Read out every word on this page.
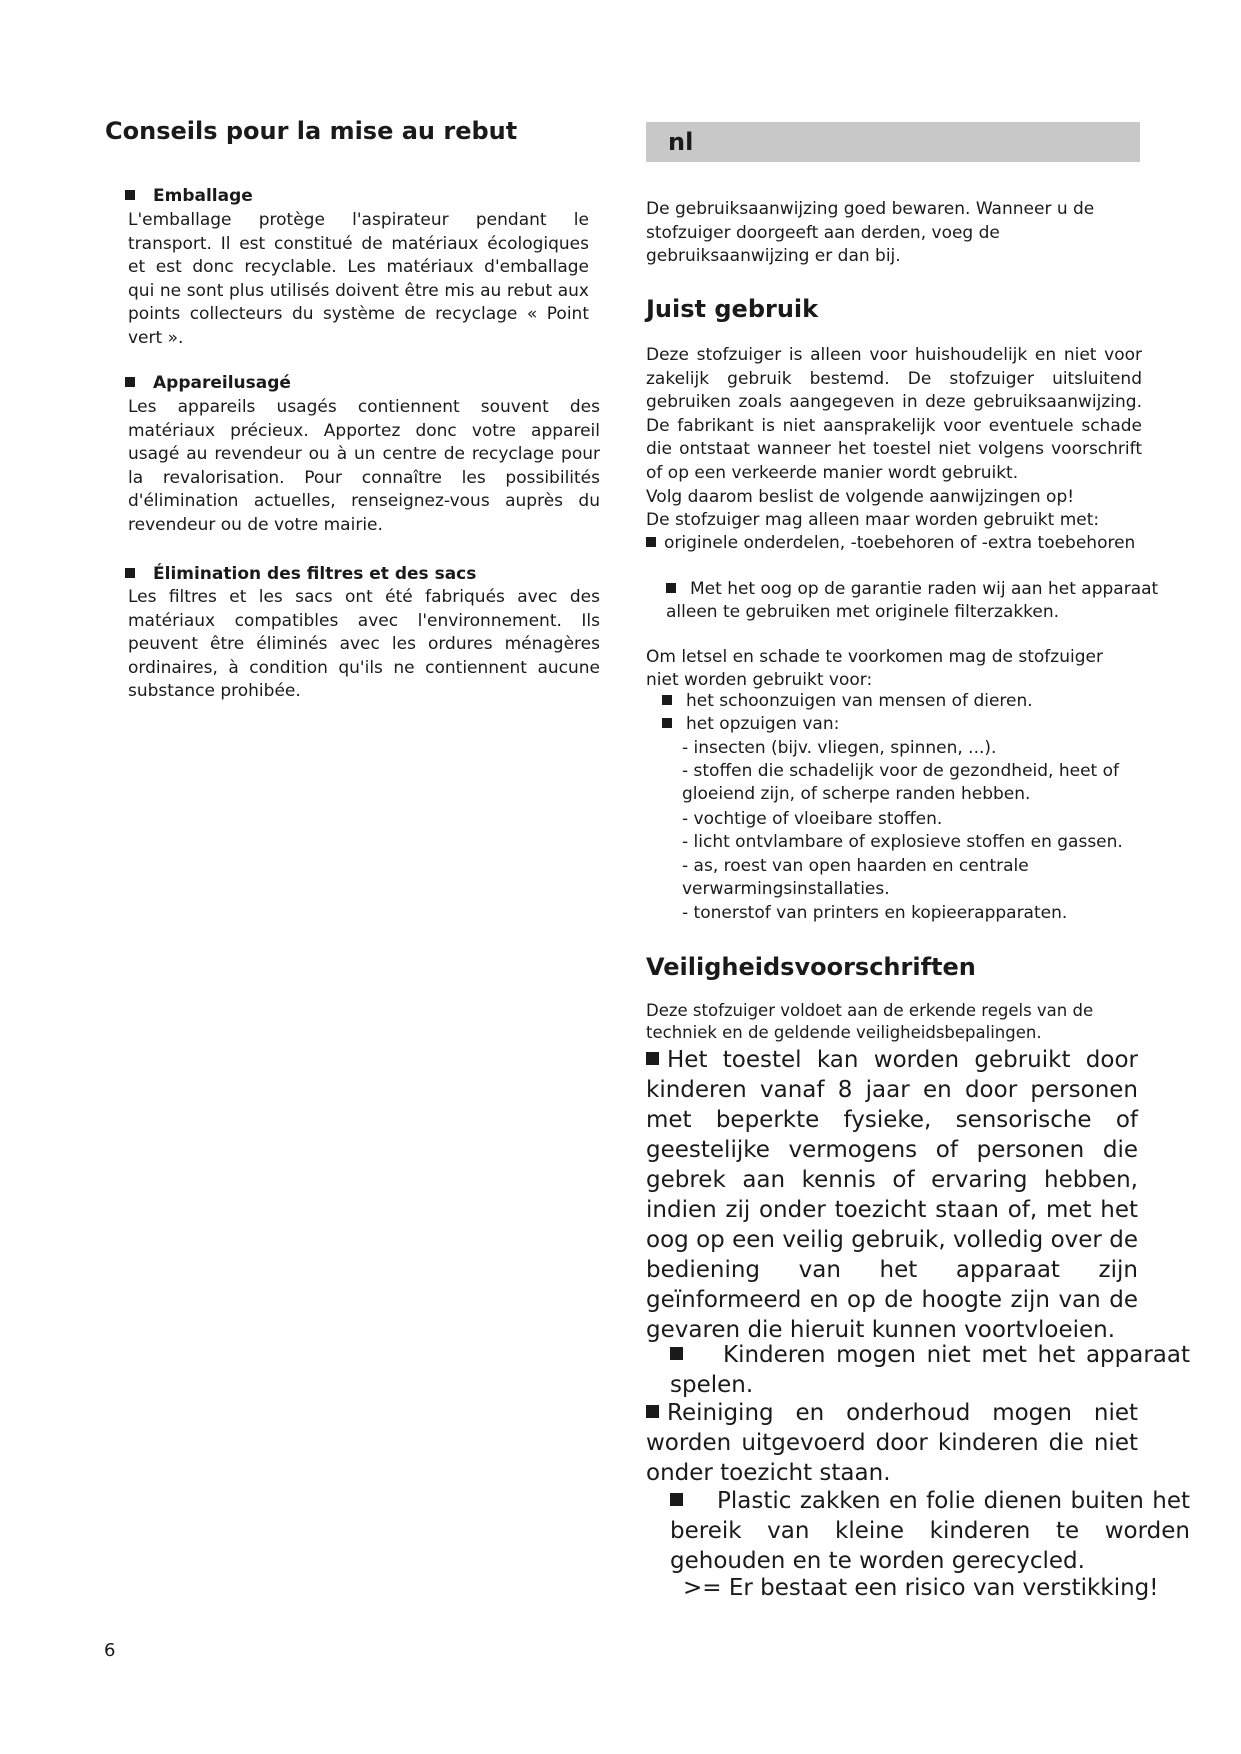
Conseils pour la mise au rebut
Emballage
L'emballage protège l'aspirateur pendant le transport. Il est constitué de matériaux écologiques et est donc recyclable. Les matériaux d'emballage qui ne sont plus utilisés doivent être mis au rebut aux points collecteurs du système de recyclage « Point vert ».
Appareilusagé
Les appareils usagés contiennent souvent des matériaux précieux. Apportez donc votre appareil usagé au revendeur ou à un centre de recyclage pour la revalorisation. Pour connaître les possibilités d'élimination actuelles, renseignez-vous auprès du revendeur ou de votre mairie.
Élimination des filtres et des sacs
Les filtres et les sacs ont été fabriqués avec des matériaux compatibles avec l'environnement. Ils peuvent être éliminés avec les ordures ménagères ordinaires, à condition qu'ils ne contiennent aucune substance prohibée.
nl
De gebruiksaanwijzing goed bewaren. Wanneer u de stofzuiger doorgeeft aan derden, voeg de gebruiksaanwijzing er dan bij.
Juist gebruik
Deze stofzuiger is alleen voor huishoudelijk en niet voor zakelijk gebruik bestemd. De stofzuiger uitsluitend gebruiken zoals aangegeven in deze gebruiksaanwijzing. De fabrikant is niet aansprakelijk voor eventuele schade die ontstaat wanneer het toestel niet volgens voorschrift of op een verkeerde manier wordt gebruikt.
Volg daarom beslist de volgende aanwijzingen op!
De stofzuiger mag alleen maar worden gebruikt met:
originele onderdelen, -toebehoren of -extra toebehoren
Met het oog op de garantie raden wij aan het apparaat alleen te gebruiken met originele filterzakken.
Om letsel en schade te voorkomen mag de stofzuiger niet worden gebruikt voor:
het schoonzuigen van mensen of dieren.
het opzuigen van:
- insecten (bijv. vliegen, spinnen, ...).
- stoffen die schadelijk voor de gezondheid, heet of gloeiend zijn, of scherpe randen hebben.
- vochtige of vloeibare stoffen.
- licht ontvlambare of explosieve stoffen en gassen.
- as, roest van open haarden en centrale verwarmingsinstallaties.
- tonerstof van printers en kopieerapparaten.
Veiligheidsvoorschriften
Deze stofzuiger voldoet aan de erkende regels van de techniek en de geldende veiligheidsbepalingen.
Het toestel kan worden gebruikt door kinderen vanaf 8 jaar en door personen met beperkte fysieke, sensorische of geestelijke vermogens of personen die gebrek aan kennis of ervaring hebben, indien zij onder toezicht staan of, met het oog op een veilig gebruik, volledig over de bediening van het apparaat zijn geïnformeerd en op de hoogte zijn van de gevaren die hieruit kunnen voortvloeien.
Kinderen mogen niet met het apparaat spelen.
Reiniging en onderhoud mogen niet worden uitgevoerd door kinderen die niet onder toezicht staan.
Plastic zakken en folie dienen buiten het bereik van kleine kinderen te worden gehouden en te worden gerecycled.
>= Er bestaat een risico van verstikking!
6
